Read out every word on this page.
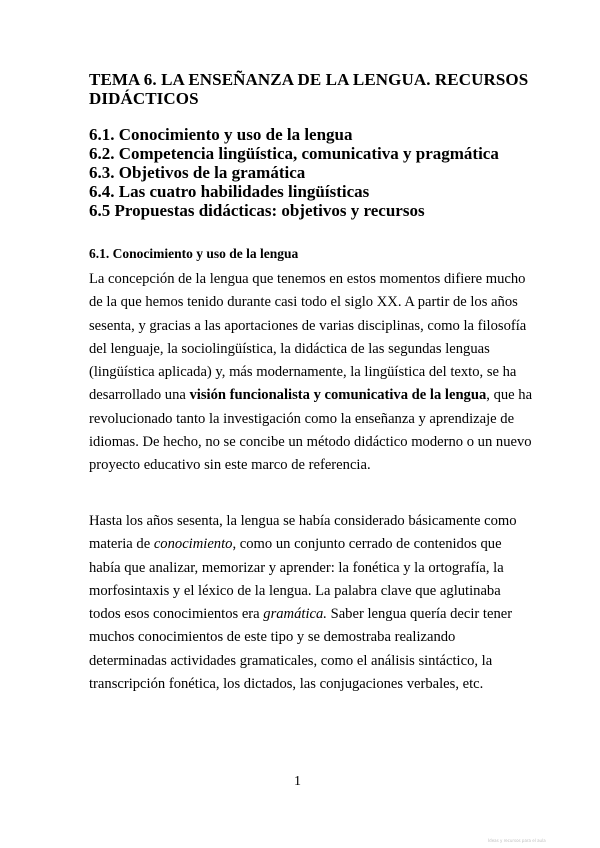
TEMA 6. LA ENSEÑANZA DE LA LENGUA. RECURSOS
DIDÁCTICOS
6.1. Conocimiento y uso de la lengua
6.2. Competencia lingüística, comunicativa y pragmática
6.3. Objetivos de la gramática
6.4. Las cuatro habilidades lingüísticas
6.5 Propuestas didácticas: objetivos y recursos
6.1. Conocimiento y uso de la lengua

La concepción de la lengua que tenemos en estos momentos difiere mucho
de la que hemos tenido durante casi todo el siglo XX. A partir de los años
sesenta, y gracias a las aportaciones de varias disciplinas, como la filosofía
del lenguaje, la sociolingüística, la didáctica de las segundas lenguas
(lingüística aplicada) y, más modernamente, la lingüística del texto, se ha
desarrollado una visión funcionalista y comunicativa de la lengua, que ha
revolucionado tanto la investigación como la enseñanza y aprendizaje de
idiomas. De hecho, no se concibe un método didáctico moderno o un nuevo
proyecto educativo sin este marco de referencia.

Hasta los años sesenta, la lengua se había considerado básicamente como
materia de conocimiento, como un conjunto cerrado de contenidos que
había que analizar, memorizar y aprender: la fonética y la ortografía, la
morfosintaxis y el léxico de la lengua. La palabra clave que aglutinaba
todos esos conocimientos era gramática. Saber lengua quería decir tener
muchos conocimientos de este tipo y se demostraba realizando
determinadas actividades gramaticales, como el análisis sintáctico, la
transcripción fonética, los dictados, las conjugaciones verbales, etc.

1

Ideas y recursos para el aula
